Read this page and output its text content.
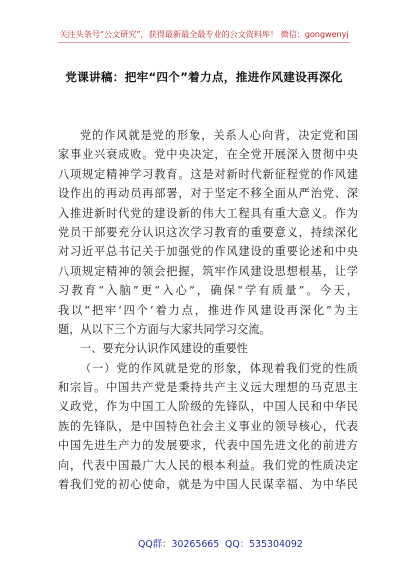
关注头条号“公文研究”，获得最新最全最专业的公文资料库！ 微信：gongwenyj
党课讲稿：把牢“四个”着力点，推进作风建设再深化
党的作风就是党的形象，关系人心向背，决定党和国
家事业兴衰成败。党中央决定，在全党开展深入贯彻中央
八项规定精神学习教育。这是对新时代新征程党的作风建
设作出的再动员再部署，对于坚定不移全面从严治党、深
入推进新时代党的建设新的伟大工程具有重大意义。作为
党员干部要充分认识这次学习教育的重要意义，持续深化
对习近平总书记关于加强党的作风建设的重要论述和中央
八项规定精神的领会把握，筑牢作风建设思想根基，让学
习教育“入脑”更“入心”，确保“学有质量”。今天，
我以“把牢‘四个’着力点，推进作风建设再深化”为主
题，从以下三个方面与大家共同学习交流。
一、要充分认识作风建设的重要性
（一）党的作风就是党的形象，体现着我们党的性质
和宗旨。中国共产党是秉持共产主义远大理想的马克思主
义政党，作为中国工人阶级的先锋队，中国人民和中华民
族的先锋队，是中国特色社会主义事业的领导核心，代表
中国先进生产力的发展要求，代表中国先进文化的前进方
向，代表中国最广大人民的根本利益。我们党的性质决定
着我们党的初心使命，就是为中国人民谋幸福、为中华民
QQ群：30265665 QQ：535304092
